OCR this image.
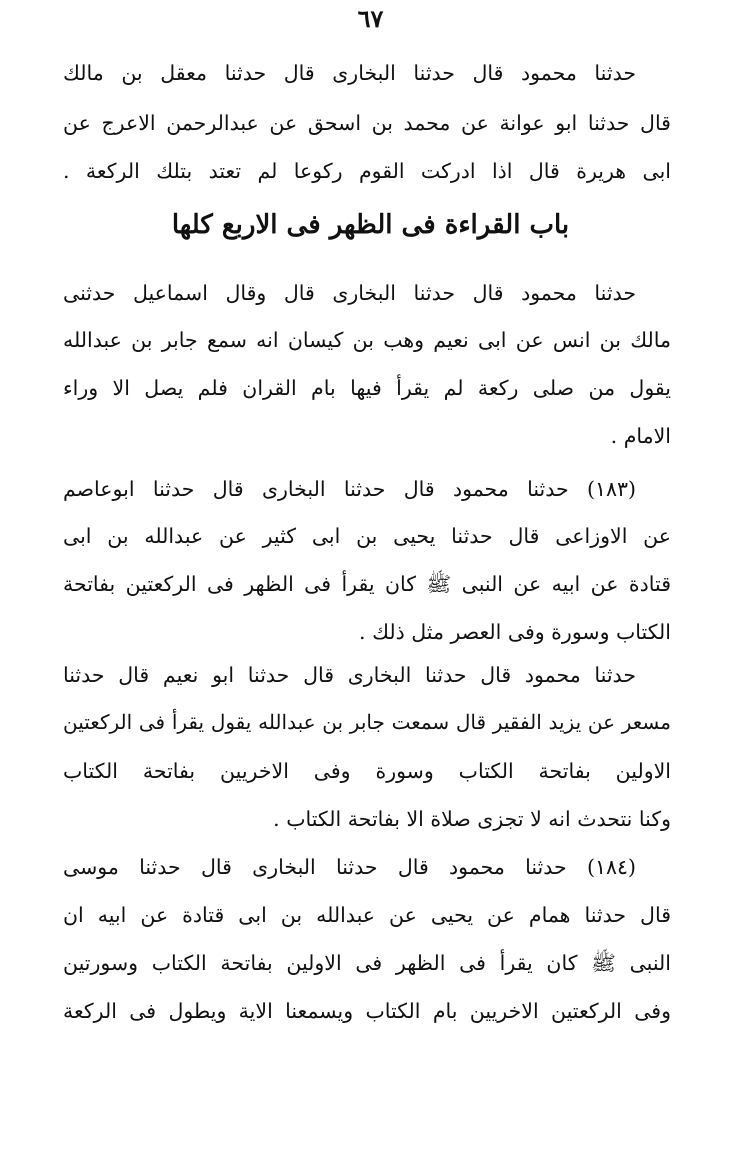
٦٧
حدثنا محمود قال حدثنا البخارى قال حدثنا معقل بن مالك
قال حدثنا ابو عوانة عن محمد بن اسحق عن عبدالرحمن الاعرج عن
ابى هريرة قال اذا ادركت القوم ركوعا لم تعتد بتلك الركعة .
باب القراءة فى الظهر فى الاربع كلها
حدثنا محمود قال حدثنا البخارى قال وقال اسماعيل حدثنى
مالك بن انس عن ابى نعيم وهب بن كيسان انه سمع جابر بن عبدالله
يقول من صلى ركعة لم يقرأ فيها بام القران فلم يصل الا وراء
الامام .
(١٨٣) حدثنا محمود قال حدثنا البخارى قال حدثنا ابوعاصم
عن الاوزاعى قال حدثنا يحيى بن ابى كثير عن عبدالله بن ابى
قتادة عن ابيه عن النبى ﷺ كان يقرأ فى الظهر فى الركعتين بفاتحة
الكتاب وسورة وفى العصر مثل ذلك .
حدثنا محمود قال حدثنا البخارى قال حدثنا ابو نعيم قال حدثنا
مسعر عن يزيد الفقير قال سمعت جابر بن عبدالله يقول يقرأ فى الركعتين
الاولين بفاتحة الكتاب وسورة وفى الاخريين بفاتحة الكتاب
وكنا نتحدث انه لا تجزى صلاة الا بفاتحة الكتاب .
(١٨٤) حدثنا محمود قال حدثنا البخارى قال حدثنا موسى
قال حدثنا همام عن يحيى عن عبدالله بن ابى قتادة عن ابيه ان
النبى ﷺ كان يقرأ فى الظهر فى الاولين بفاتحة الكتاب وسورتين
وفى الركعتين الاخريين بام الكتاب ويسمعنا الاية ويطول فى الركعة
